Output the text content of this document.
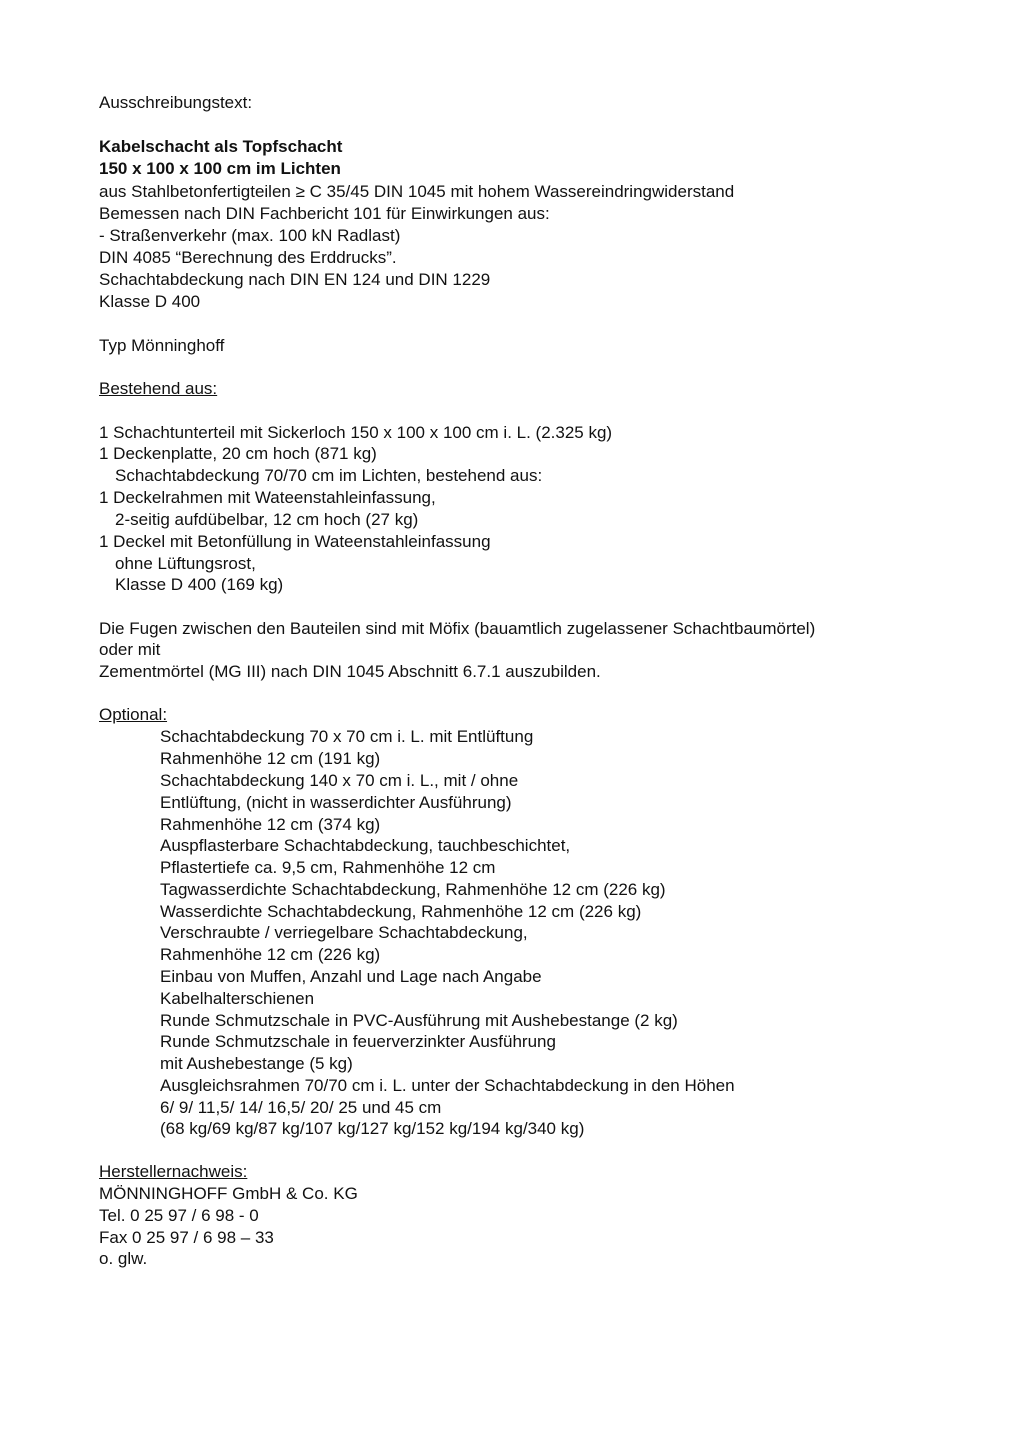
Ausschreibungstext:
Kabelschacht als Topfschacht
150 x 100 x 100 cm im Lichten
aus Stahlbetonfertigteilen ≥ C 35/45 DIN 1045 mit hohem Wassereindringwiderstand
Bemessen nach DIN Fachbericht 101 für Einwirkungen aus:
- Straßenverkehr (max. 100 kN Radlast)
DIN 4085 “Berechnung des Erddrucks”.
Schachtabdeckung nach DIN EN 124 und DIN 1229
Klasse D 400
Typ Mönninghoff
Bestehend aus:
1 Schachtunterteil mit Sickerloch 150 x 100 x 100 cm i. L. (2.325 kg)
1 Deckenplatte, 20 cm hoch (871 kg)
Schachtabdeckung 70/70 cm im Lichten, bestehend aus:
1 Deckelrahmen mit Wateenstahleinfassung,
2-seitig aufdübelbar, 12 cm hoch (27 kg)
1 Deckel mit Betonfüllung in Wateenstahleinfassung
ohne Lüftungsrost,
Klasse D 400 (169 kg)
Die Fugen zwischen den Bauteilen sind mit Möfix (bauamtlich zugelassener Schachtbaumörtel)
oder mit
Zementmörtel (MG III) nach DIN 1045 Abschnitt 6.7.1 auszubilden.
Optional:
Schachtabdeckung 70 x 70 cm i. L. mit Entlüftung
Rahmenhöhe 12 cm (191 kg)
Schachtabdeckung 140 x 70 cm i. L., mit / ohne
Entlüftung, (nicht in wasserdichter Ausführung)
Rahmenhöhe 12 cm (374 kg)
Auspflasterbare Schachtabdeckung, tauchbeschichtet,
Pflastertiefe ca. 9,5 cm, Rahmenhöhe 12 cm
Tagwasserdichte Schachtabdeckung, Rahmenhöhe 12 cm (226 kg)
Wasserdichte Schachtabdeckung, Rahmenhöhe 12 cm (226 kg)
Verschraubte / verriegelbare Schachtabdeckung,
Rahmenhöhe 12 cm (226 kg)
Einbau von Muffen, Anzahl und Lage nach Angabe
Kabelhalterschienen
Runde Schmutzschale in PVC-Ausführung mit Aushebestange (2 kg)
Runde Schmutzschale in feuerverzinkter Ausführung
mit Aushebestange (5 kg)
Ausgleichsrahmen 70/70 cm i. L. unter der Schachtabdeckung in den Höhen
6/ 9/ 11,5/ 14/ 16,5/ 20/ 25 und 45 cm
(68 kg/69 kg/87 kg/107 kg/127 kg/152 kg/194 kg/340 kg)
Herstellernachweis:
MÖNNINGHOFF GmbH & Co. KG
Tel. 0 25 97 / 6 98 - 0
Fax 0 25 97 / 6 98 – 33
o. glw.
